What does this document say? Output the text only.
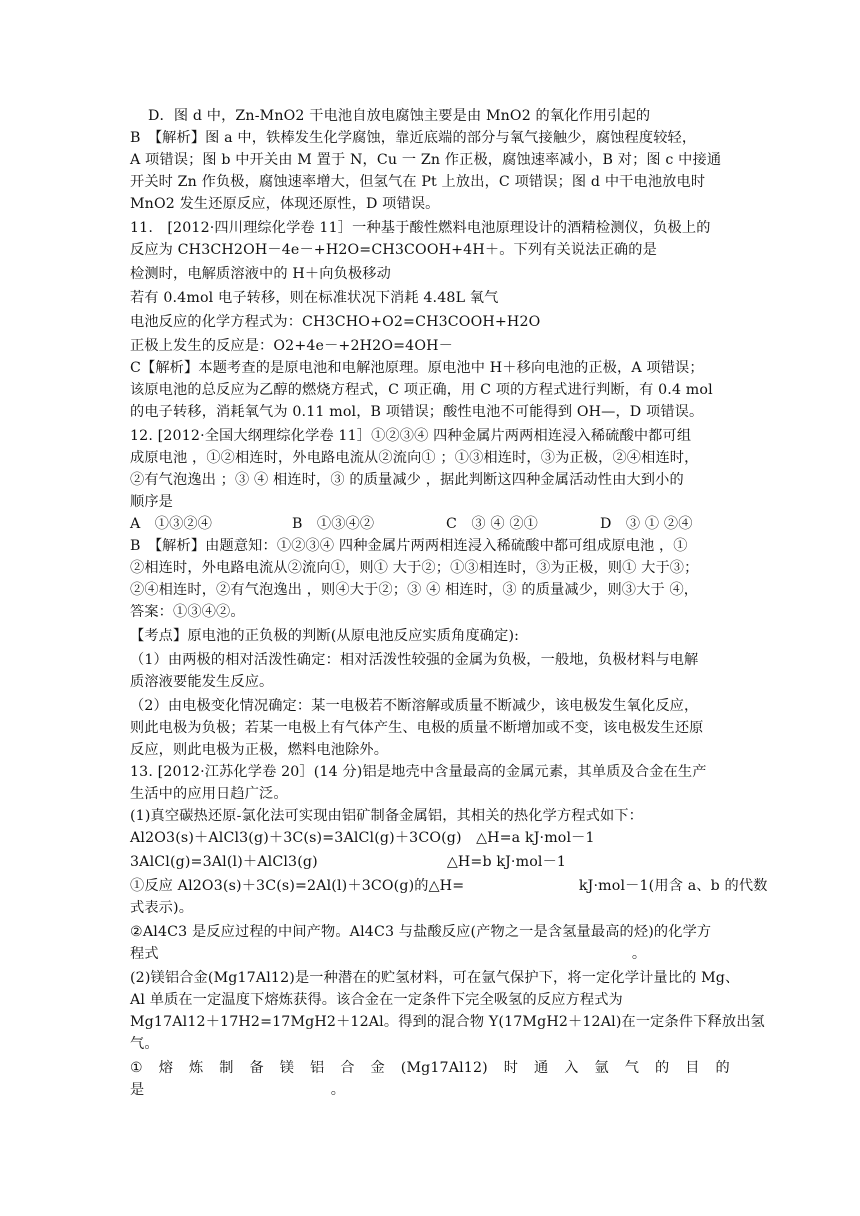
D．图 d 中，Zn-MnO2 干电池自放电腐蚀主要是由 MnO2 的氧化作用引起的
B　【解析】图 a 中，铁棒发生化学腐蚀，靠近底端的部分与氧气接触少，腐蚀程度较轻，
A 项错误；图 b 中开关由 M 置于 N，Cu 一 Zn 作正极，腐蚀速率减小，B 对；图 c 中接通
开关时 Zn 作负极，腐蚀速率增大，但氢气在 Pt 上放出，C 项错误；图 d 中干电池放电时
MnO2 发生还原反应，体现还原性，D 项错误。
11.　[2012·四川理综化学卷 11］一种基于酸性燃料电池原理设计的酒精检测仪，负极上的
反应为 CH3CH2OH－4e－+H2O=CH3COOH+4H＋。下列有关说法正确的是
检测时，电解质溶液中的 H＋向负极移动
若有 0.4mol 电子转移，则在标准状况下消耗 4.48L 氧气
电池反应的化学方程式为：CH3CHO+O2=CH3COOH+H2O
正极上发生的反应是：O2+4e－+2H2O=4OH－
C【解析】本题考查的是原电池和电解池原理。原电池中 H＋移向电池的正极，A 项错误；
该原电池的总反应为乙醇的燃烧方程式，C 项正确，用 C 项的方程式进行判断，有 0.4 mol
的电子转移，消耗氧气为 0.11 mol，B 项错误；酸性电池不可能得到 OH—，D 项错误。
12. [2012·全国大纲理综化学卷 11］①②③④ 四种金属片两两相连浸入稀硫酸中都可组
成原电池 ，①②相连时，外电路电流从②流向① ；①③相连时，③为正极，②④相连时，
②有气泡逸出 ；③ ④ 相连时，③ 的质量减少 ，据此判断这四种金属活动性由大到小的
顺序是
A　①③②④	B　①③④②	C　③ ④ ②①	D　③ ① ②④
B　【解析】由题意知：①②③④ 四种金属片两两相连浸入稀硫酸中都可组成原电池 ，①
②相连时，外电路电流从②流向①，则① 大于②；①③相连时，③为正极，则① 大于③；
②④相连时，②有气泡逸出 ，则④大于②；③ ④ 相连时，③ 的质量减少，则③大于 ④，
答案：①③④②。
【考点】原电池的正负极的判断(从原电池反应实质角度确定):
（1）由两极的相对活泼性确定：相对活泼性较强的金属为负极，一般地，负极材料与电解
质溶液要能发生反应。
（2）由电极变化情况确定：某一电极若不断溶解或质量不断减少，该电极发生氧化反应，
则此电极为负极；若某一电极上有气体产生、电极的质量不断增加或不变，该电极发生还原
反应，则此电极为正极，燃料电池除外。
13. [2012·江苏化学卷 20］(14 分)铝是地壳中含量最高的金属元素，其单质及合金在生产
生活中的应用日趋广泛。
(1)真空碳热还原-氯化法可实现由铝矿制备金属铝，其相关的热化学方程式如下：
Al2O3(s)＋AlCl3(g)＋3C(s)=3AlCl(g)＋3CO(g)　△H=a kJ·mol－1
3AlCl(g)=3Al(l)＋AlCl3(g)　　　　　　　　　△H=b kJ·mol－1
①反应 Al2O3(s)＋3C(s)=2Al(l)＋3CO(g)的△H=　　　　　　　　kJ·mol－1(用含 a、b 的代数
式表示)。
②Al4C3 是反应过程的中间产物。Al4C3 与盐酸反应(产物之一是含氢量最高的烃)的化学方
程式　　　　　　　　　　　　　　　　　　　　　　　　　　　　　　　　　。
(2)镁铝合金(Mg17Al12)是一种潜在的贮氢材料，可在氩气保护下，将一定化学计量比的 Mg、
Al 单质在一定温度下熔炼获得。该合金在一定条件下完全吸氢的反应方程式为
Mg17Al12＋17H2=17MgH2＋12Al。得到的混合物 Y(17MgH2＋12Al)在一定条件下释放出氢
气。
① 熔 炼 制 备 镁 铝 合 金 (Mg17Al12) 时 通 入 氩 气 的 目 的
是　　　　　　　　　　　　　。
